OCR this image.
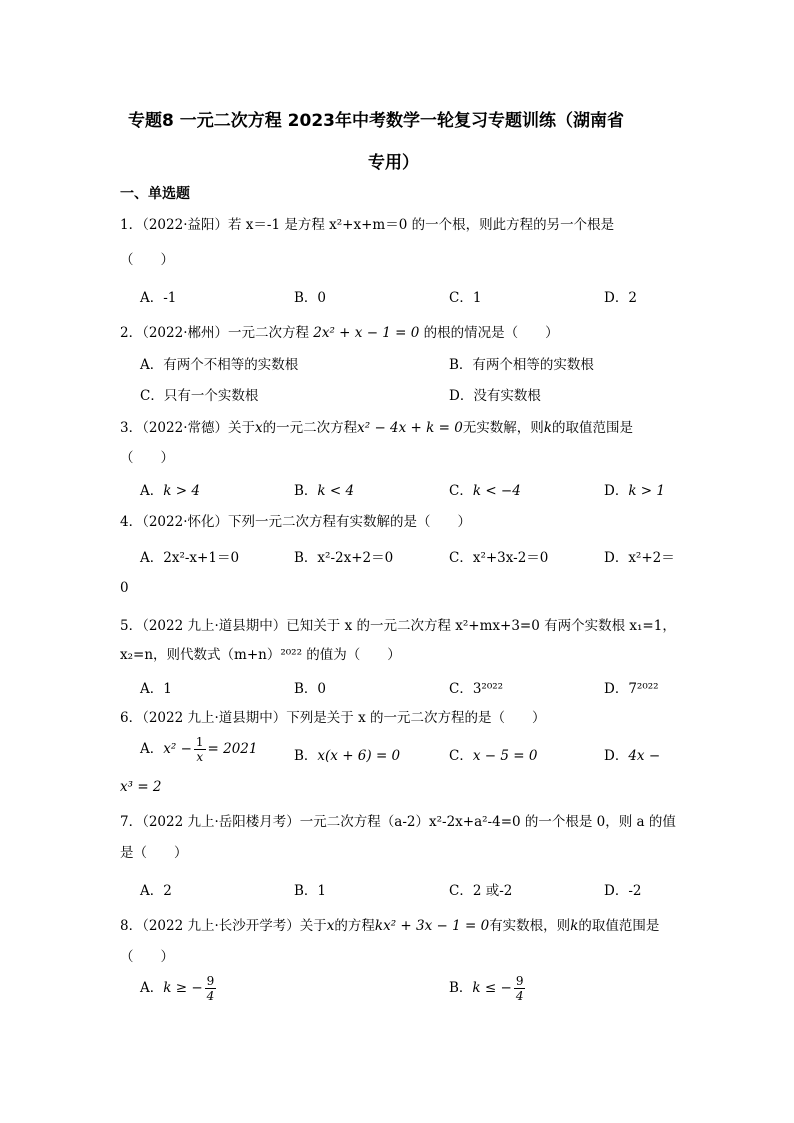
专题8 一元二次方程 2023年中考数学一轮复习专题训练（湖南省
专用）
一、单选题
1．（2022·益阳）若 x＝-1 是方程 x²+x+m＝0 的一个根，则此方程的另一个根是
（　　）
A．-1	B．0	C．1	D．2
2．（2022·郴州）一元二次方程 2x² + x − 1 = 0 的根的情况是（　　）
A．有两个不相等的实数根	B．有两个相等的实数根
C．只有一个实数根	D．没有实数根
3．（2022·常德）关于x的一元二次方程x² − 4x + k = 0无实数解，则k的取值范围是
（　　）
A．k > 4	B．k < 4	C．k < −4	D．k > 1
4．（2022·怀化）下列一元二次方程有实数解的是（　　）
A．2x²-x+1＝0	B．x²-2x+2＝0	C．x²+3x-2＝0	D．x²+2＝
0
5．（2022 九上·道县期中）已知关于 x 的一元二次方程 x²+mx+3=0 有两个实数根 x₁=1，
x₂=n，则代数式（m+n）²⁰²² 的值为（　　）
A．1	B．0	C．3²⁰²²	D．7²⁰²²
6．（2022 九上·道县期中）下列是关于 x 的一元二次方程的是（　　）
A．$x^2 - \frac{1}{x} = 2021$	B．x(x + 6) = 0	C．x − 5 = 0	D．4x −
x³ = 2
7．（2022 九上·岳阳楼月考）一元二次方程（a-2）x²-2x+a²-4=0 的一个根是 0，则 a 的值
是（　　）
A．2	B．1	C．2 或-2	D．-2
8．（2022 九上·长沙开学考）关于x的方程kx² + 3x − 1 = 0有实数根，则k的取值范围是
（　　）
A．k ≥ − $\frac{9}{4}$	B．k ≤ − $\frac{9}{4}$
